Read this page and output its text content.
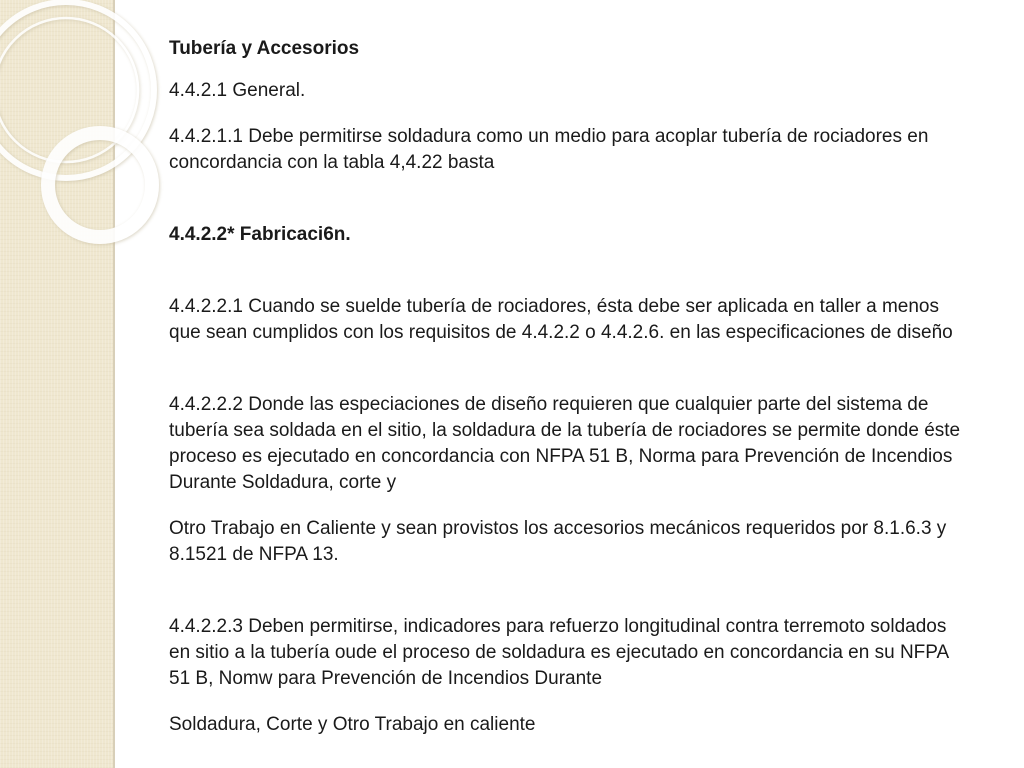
Tubería y Accesorios

4.4.2.1 General.

4.4.2.1.1 Debe permitirse soldadura como un medio para acoplar tubería de rociadores en concordancia con la tabla 4,4.22 basta

4.4.2.2* Fabricaci6n.

4.4.2.2.1 Cuando se suelde tubería de rociadores, ésta debe ser aplicada en taller a menos que sean cumplidos con los requisitos de 4.4.2.2 o 4.4.2.6. en las especificaciones de diseño

4.4.2.2.2 Donde las especiaciones de diseño requieren que cualquier parte del sistema de tubería sea soldada en el sitio, la soldadura de la tubería de rociadores se permite donde éste proceso es ejecutado en concordancia con NFPA 51 B, Norma para Prevención de Incendios Durante Soldadura, corte y

Otro Trabajo en Caliente y sean provistos los accesorios mecánicos requeridos por 8.1.6.3 y 8.1521 de NFPA 13.

4.4.2.2.3 Deben permitirse, indicadores para refuerzo longitudinal contra terremoto soldados en sitio a la tubería oude el proceso de soldadura es ejecutado en concordancia en su NFPA 51 B, Nomw para Prevención de Incendios Durante

Soldadura, Corte y Otro Trabajo en caliente
